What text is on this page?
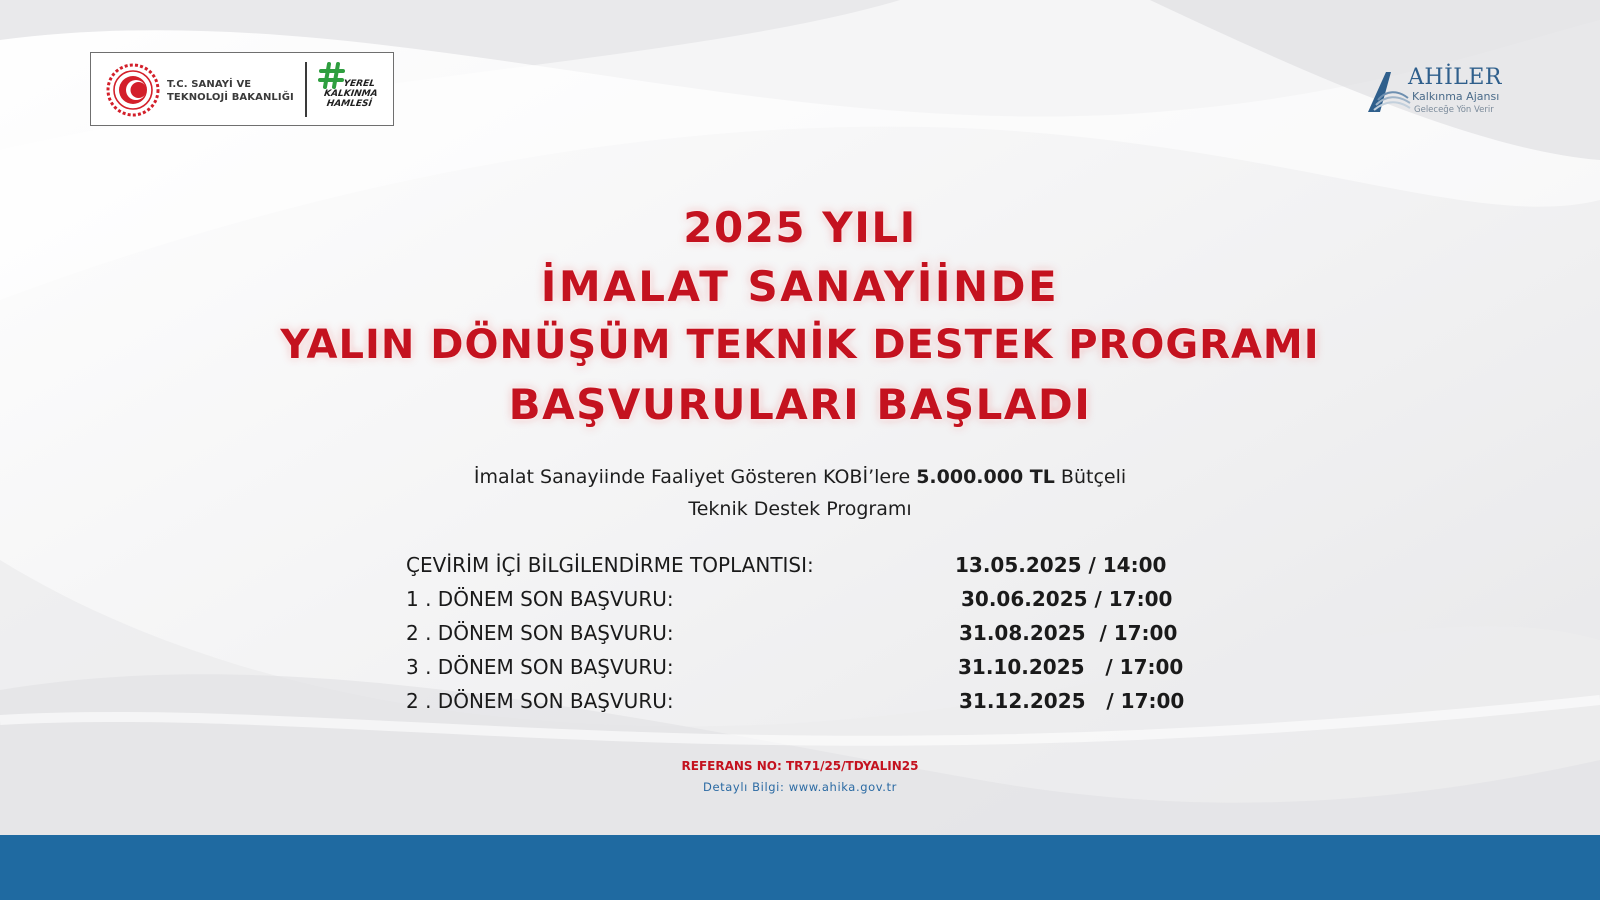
T.C. SANAYİ VE
TEKNOLOJİ BAKANLIĞI
YEREL
KALKINMA
HAMLESİ
AHİLER
Kalkınma Ajansı
Geleceğe Yön Verir
2025 YILI
İMALAT SANAYİİNDE
YALIN DÖNÜŞÜM TEKNİK DESTEK PROGRAMI
BAŞVURULARI BAŞLADI
İmalat Sanayiinde Faaliyet Gösteren KOBİ’lere 5.000.000 TL Bütçeli
Teknik Destek Programı
ÇEVİRİM İÇİ BİLGİLENDİRME TOPLANTISI:	13.05.2025 / 14:00
1 . DÖNEM SON BAŞVURU:	30.06.2025 / 17:00
2 . DÖNEM SON BAŞVURU:	31.08.2025  / 17:00
3 . DÖNEM SON BAŞVURU:	31.10.2025   / 17:00
2 . DÖNEM SON BAŞVURU:	31.12.2025   / 17:00
REFERANS NO: TR71/25/TDYALIN25
Detaylı Bilgi: www.ahika.gov.tr
